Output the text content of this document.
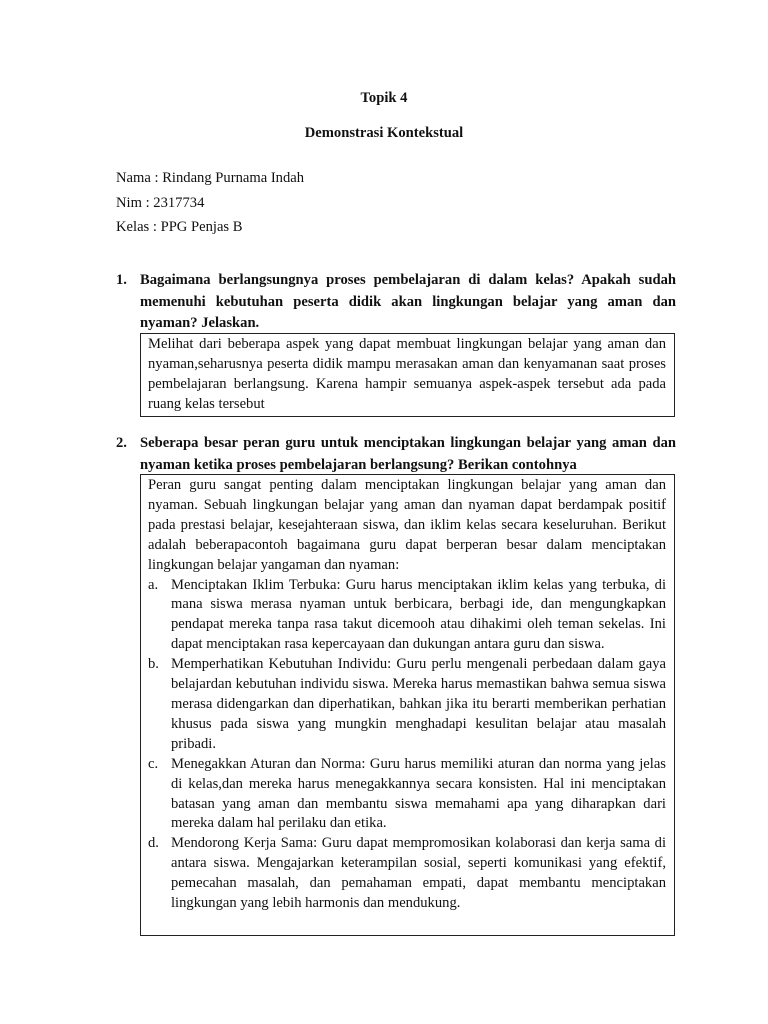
Topik 4
Demonstrasi Kontekstual
Nama : Rindang Purnama Indah
Nim : 2317734
Kelas : PPG Penjas B
1. Bagaimana berlangsungnya proses pembelajaran di dalam kelas? Apakah sudah memenuhi kebutuhan peserta didik akan lingkungan belajar yang aman dan nyaman? Jelaskan.

Melihat dari beberapa aspek yang dapat membuat lingkungan belajar yang aman dan nyaman,seharusnya peserta didik mampu merasakan aman dan kenyamanan saat proses pembelajaran berlangsung. Karena hampir semuanya aspek-aspek tersebut ada pada ruang kelas tersebut

2. Seberapa besar peran guru untuk menciptakan lingkungan belajar yang aman dan nyaman ketika proses pembelajaran berlangsung? Berikan contohnya

Peran guru sangat penting dalam menciptakan lingkungan belajar yang aman dan nyaman. Sebuah lingkungan belajar yang aman dan nyaman dapat berdampak positif pada prestasi belajar, kesejahteraan siswa, dan iklim kelas secara keseluruhan. Berikut adalah beberapacontoh bagaimana guru dapat berperan besar dalam menciptakan lingkungan belajar yangaman dan nyaman:

a. Menciptakan Iklim Terbuka: Guru harus menciptakan iklim kelas yang terbuka, di mana siswa merasa nyaman untuk berbicara, berbagi ide, dan mengungkapkan pendapat mereka tanpa rasa takut dicemooh atau dihakimi oleh teman sekelas. Ini dapat menciptakan rasa kepercayaan dan dukungan antara guru dan siswa.
b. Memperhatikan Kebutuhan Individu: Guru perlu mengenali perbedaan dalam gaya belajardan kebutuhan individu siswa. Mereka harus memastikan bahwa semua siswa merasa didengarkan dan diperhatikan, bahkan jika itu berarti memberikan perhatian khusus pada siswa yang mungkin menghadapi kesulitan belajar atau masalah pribadi.
c. Menegakkan Aturan dan Norma: Guru harus memiliki aturan dan norma yang jelas di kelas,dan mereka harus menegakkannya secara konsisten. Hal ini menciptakan batasan yang aman dan membantu siswa memahami apa yang diharapkan dari mereka dalam hal perilaku dan etika.
d. Mendorong Kerja Sama: Guru dapat mempromosikan kolaborasi dan kerja sama di antara siswa. Mengajarkan keterampilan sosial, seperti komunikasi yang efektif, pemecahan masalah, dan pemahaman empati, dapat membantu menciptakan lingkungan yang lebih harmonis dan mendukung.
